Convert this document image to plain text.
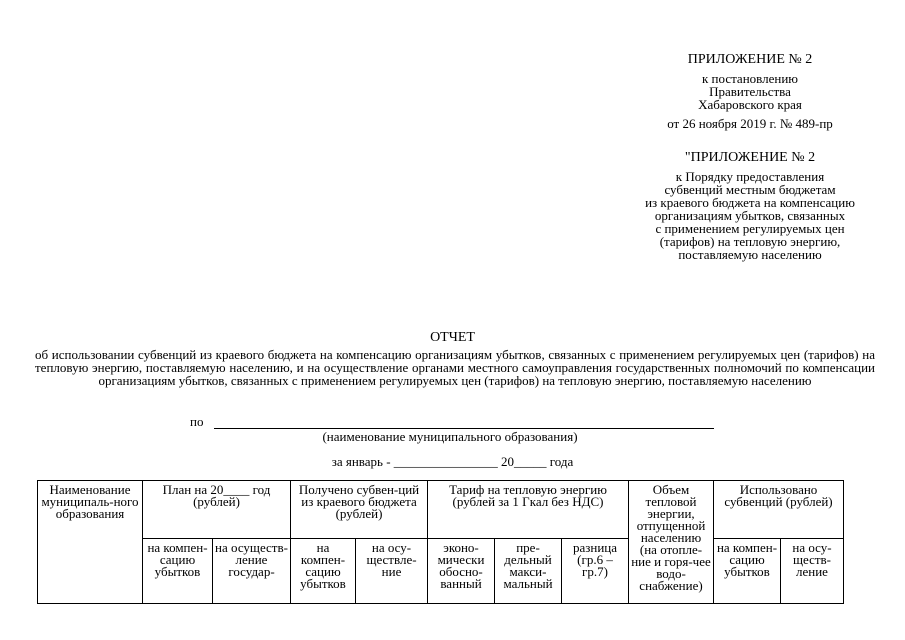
ПРИЛОЖЕНИЕ № 2
к постановлению
Правительства
Хабаровского края
от 26 ноября 2019 г. № 489-пр
"ПРИЛОЖЕНИЕ № 2
к Порядку предоставления
субвенций местным бюджетам
из краевого бюджета на компенсацию
организациям убытков, связанных
с применением регулируемых цен
(тарифов) на тепловую энергию,
поставляемую населению
ОТЧЕТ
об использовании субвенций из краевого бюджета на компенсацию организациям убытков, связанных с применением регулируемых цен (тарифов) на тепловую энергию, поставляемую населению, и на осуществление органами местного самоуправления государственных полномочий по компенсации организациям убытков, связанных с применением регулируемых цен (тарифов) на тепловую энергию, поставляемую населению
по
(наименование муниципального образования)
за январь - ________________ 20_____ года
Наименование муниципаль-ного образования	План на 20____ год (рублей)		Получено субвен-ций из краевого бюджета (рублей)		Тариф на тепловую энергию (рублей за 1 Гкал без НДС)			Объем тепловой энергии, отпущенной населению (на отопле-ние и горя-чее водо-снабжение)	Использовано субвенций (рублей)	
	на компен-сацию убытков	на осуществ-ление государ-	на компен-сацию убытков	на осу-ществле-ние	эконо-мически обосно-ванный	пре-дельный макси-мальный	разница (гр.6 – гр.7)		на компен-сацию убытков	на осу-ществ-ление
